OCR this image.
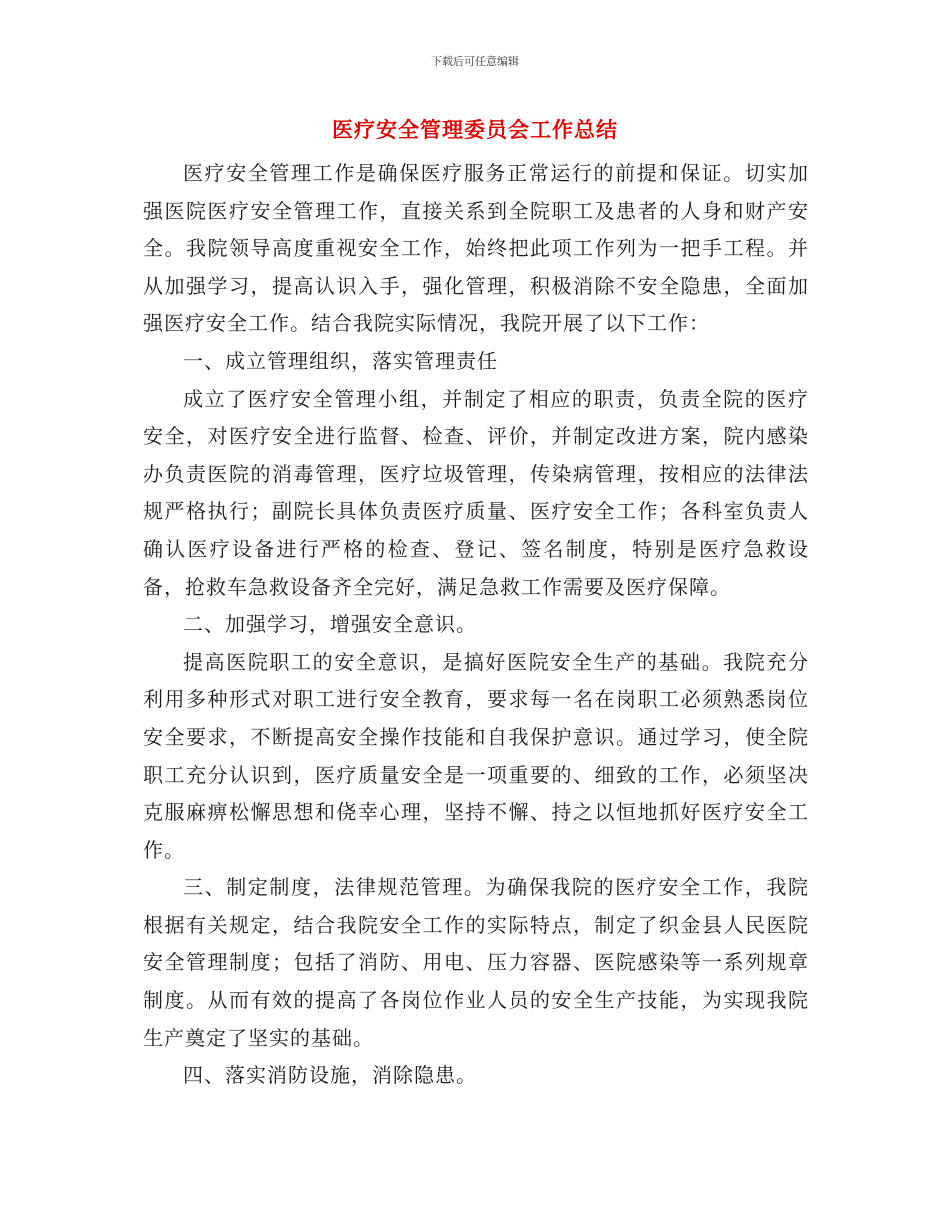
下载后可任意编辑
医疗安全管理委员会工作总结

医疗安全管理工作是确保医疗服务正常运行的前提和保证。切实加强医院医疗安全管理工作，直接关系到全院职工及患者的人身和财产安全。我院领导高度重视安全工作，始终把此项工作列为一把手工程。并从加强学习，提高认识入手，强化管理，积极消除不安全隐患，全面加强医疗安全工作。结合我院实际情况，我院开展了以下工作：

一、成立管理组织，落实管理责任

成立了医疗安全管理小组，并制定了相应的职责，负责全院的医疗安全，对医疗安全进行监督、检查、评价，并制定改进方案，院内感染办负责医院的消毒管理，医疗垃圾管理，传染病管理，按相应的法律法规严格执行；副院长具体负责医疗质量、医疗安全工作；各科室负责人确认医疗设备进行严格的检查、登记、签名制度，特别是医疗急救设备，抢救车急救设备齐全完好，满足急救工作需要及医疗保障。

二、加强学习，增强安全意识。

提高医院职工的安全意识，是搞好医院安全生产的基础。我院充分利用多种形式对职工进行安全教育，要求每一名在岗职工必须熟悉岗位安全要求，不断提高安全操作技能和自我保护意识。通过学习，使全院职工充分认识到，医疗质量安全是一项重要的、细致的工作，必须坚决克服麻痹松懈思想和侥幸心理，坚持不懈、持之以恒地抓好医疗安全工作。

三、制定制度，法律规范管理。为确保我院的医疗安全工作，我院根据有关规定，结合我院安全工作的实际特点，制定了织金县人民医院安全管理制度；包括了消防、用电、压力容器、医院感染等一系列规章制度。从而有效的提高了各岗位作业人员的安全生产技能，为实现我院生产奠定了坚实的基础。

四、落实消防设施，消除隐患。
